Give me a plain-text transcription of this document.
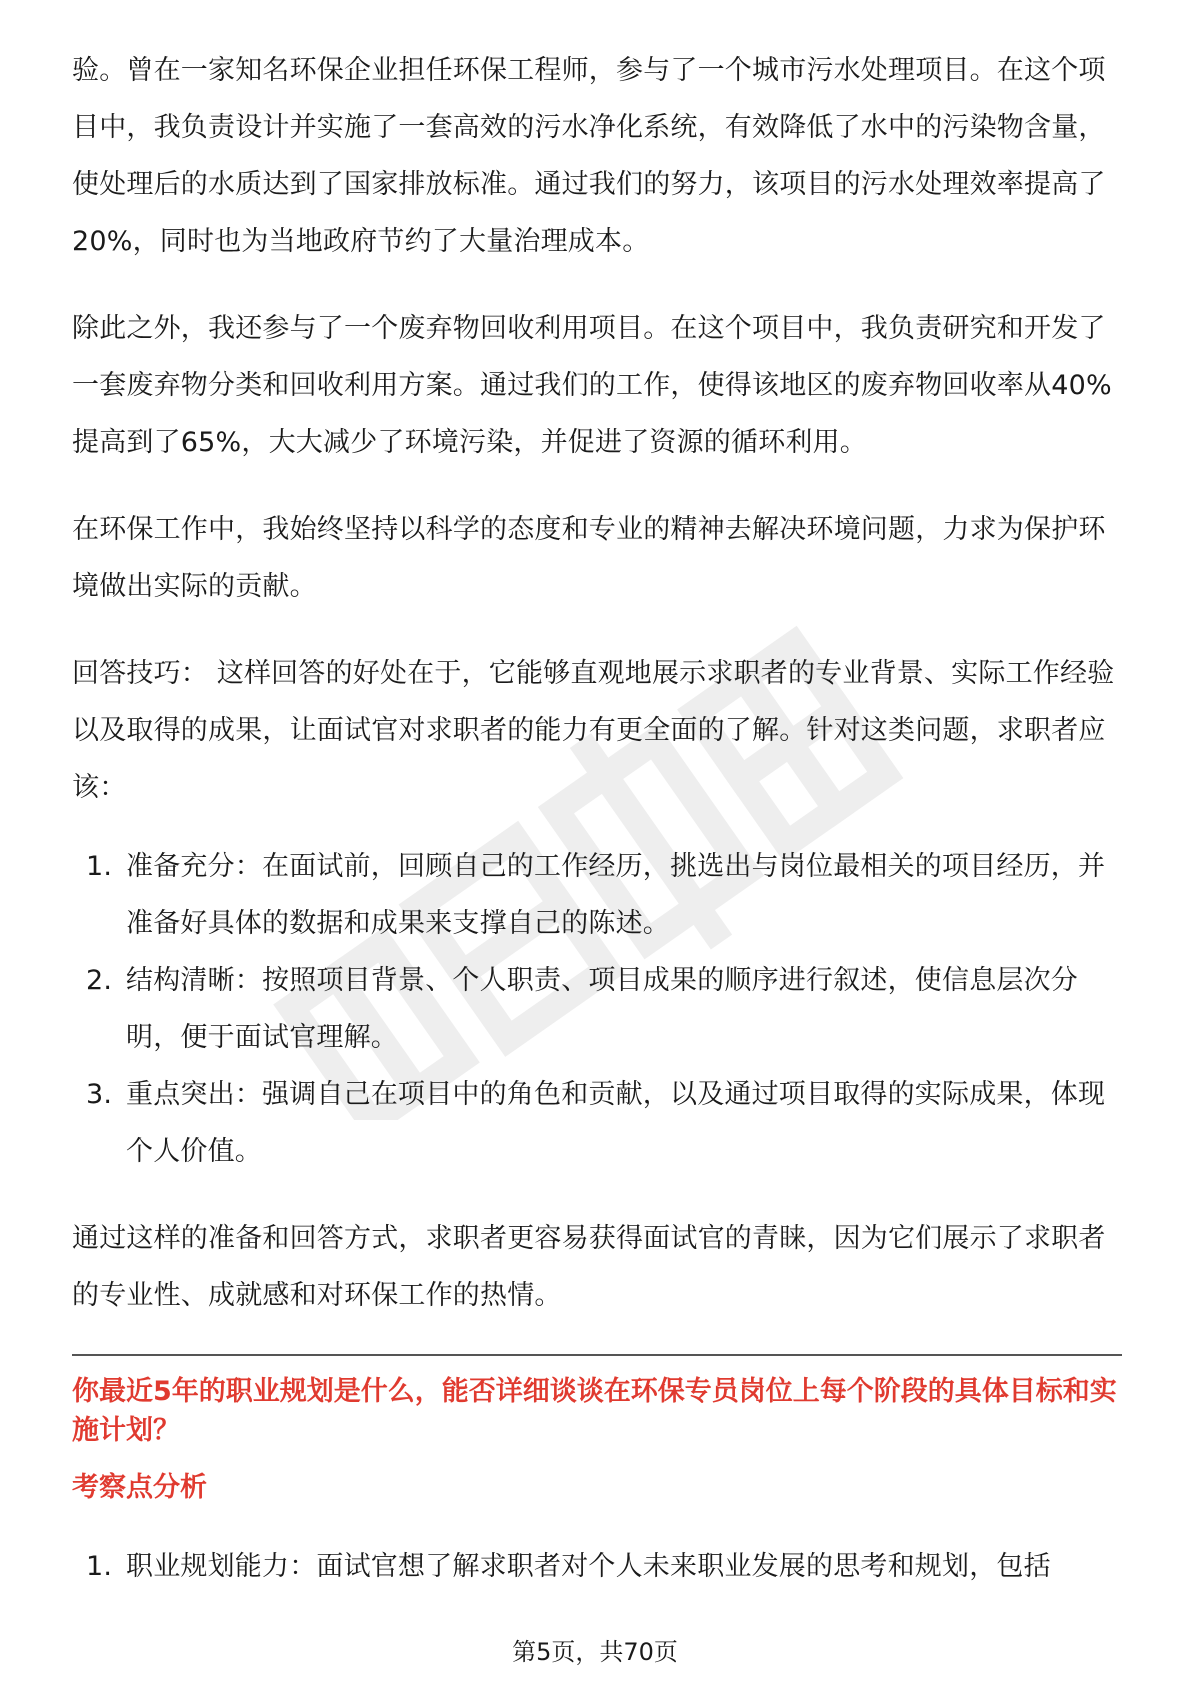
验。曾在一家知名环保企业担任环保工程师，参与了一个城市污水处理项目。在这个项目中，我负责设计并实施了一套高效的污水净化系统，有效降低了水中的污染物含量，使处理后的水质达到了国家排放标准。通过我们的努力，该项目的污水处理效率提高了20%，同时也为当地政府节约了大量治理成本。

除此之外，我还参与了一个废弃物回收利用项目。在这个项目中，我负责研究和开发了一套废弃物分类和回收利用方案。通过我们的工作，使得该地区的废弃物回收率从40%提高到了65%，大大减少了环境污染，并促进了资源的循环利用。

在环保工作中，我始终坚持以科学的态度和专业的精神去解决环境问题，力求为保护环境做出实际的贡献。

回答技巧： 这样回答的好处在于，它能够直观地展示求职者的专业背景、实际工作经验以及取得的成果，让面试官对求职者的能力有更全面的了解。针对这类问题，求职者应该：

1. 准备充分：在面试前，回顾自己的工作经历，挑选出与岗位最相关的项目经历，并准备好具体的数据和成果来支撑自己的陈述。
2. 结构清晰：按照项目背景、个人职责、项目成果的顺序进行叙述，使信息层次分明，便于面试官理解。
3. 重点突出：强调自己在项目中的角色和贡献，以及通过项目取得的实际成果，体现个人价值。

通过这样的准备和回答方式，求职者更容易获得面试官的青睐，因为它们展示了求职者的专业性、成就感和对环保工作的热情。

你最近5年的职业规划是什么，能否详细谈谈在环保专员岗位上每个阶段的具体目标和实施计划？
考察点分析
1. 职业规划能力：面试官想了解求职者对个人未来职业发展的思考和规划，包括
第5页，共70页
